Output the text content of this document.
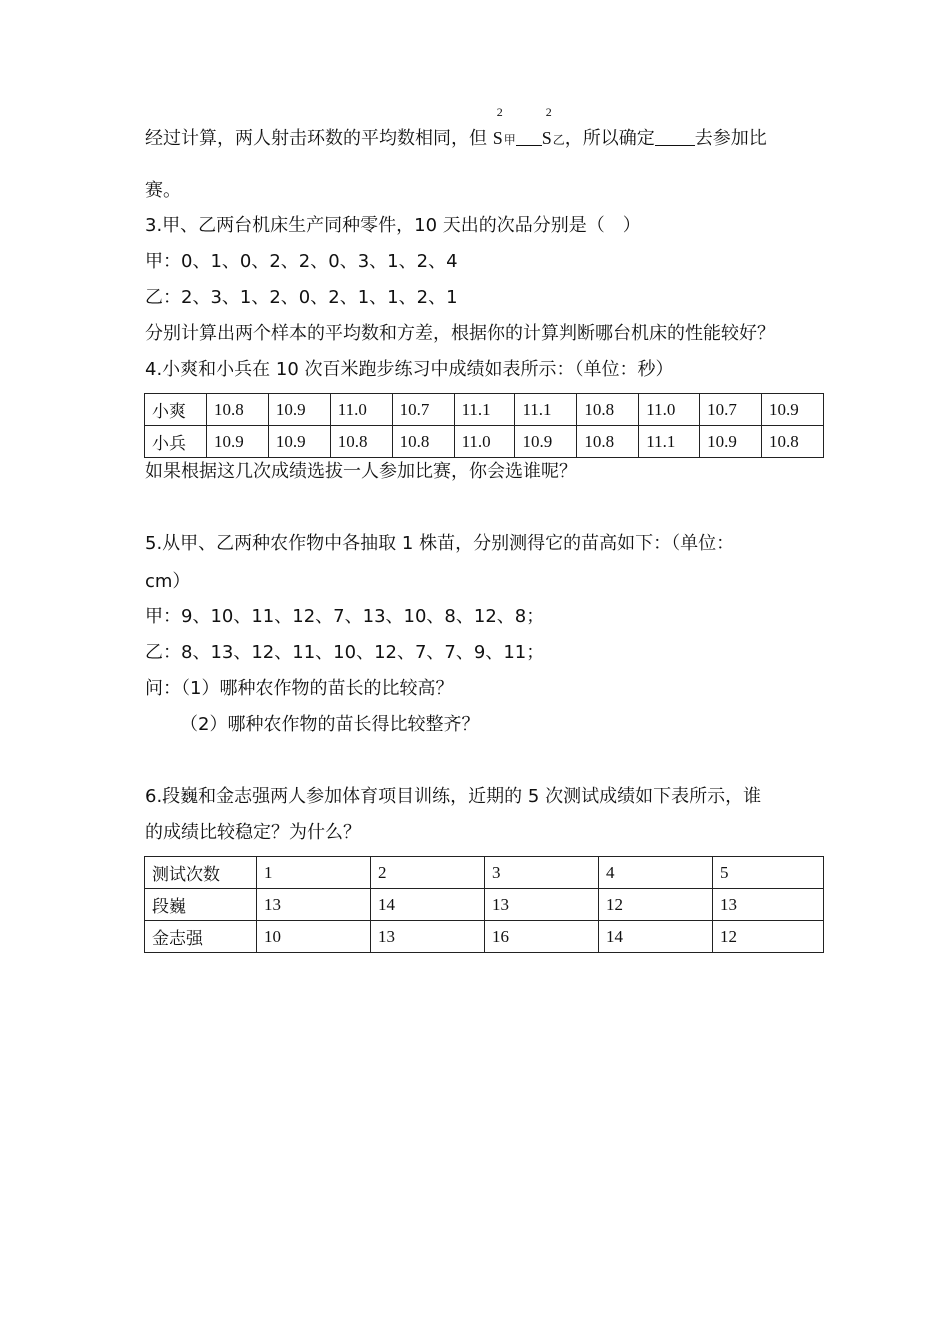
经过计算，两人射击环数的平均数相同，但 S
2
甲 S
2
乙，所以确定 去参加比
赛。
3.甲、乙两台机床生产同种零件，10 天出的次品分别是（　）
甲：0、1、0、2、2、0、3、1、2、4
乙：2、3、1、2、0、2、1、1、2、1
分别计算出两个样本的平均数和方差，根据你的计算判断哪台机床的性能较好？
4.小爽和小兵在 10 次百米跑步练习中成绩如表所示：（单位：秒）
小爽	10.8	10.9	11.0	10.7	11.1	11.1	10.8	11.0	10.7	10.9
小兵	10.9	10.9	10.8	10.8	11.0	10.9	10.8	11.1	10.9	10.8
如果根据这几次成绩选拔一人参加比赛，你会选谁呢？
5.从甲、乙两种农作物中各抽取 1 株苗，分别测得它的苗高如下：（单位：
cm）
甲：9、10、11、12、7、13、10、8、12、8；
乙：8、13、12、11、10、12、7、7、9、11；
问：（1）哪种农作物的苗长的比较高？
（2）哪种农作物的苗长得比较整齐？
6.段巍和金志强两人参加体育项目训练，近期的 5 次测试成绩如下表所示，谁
的成绩比较稳定？为什么？
测试次数	1	2	3	4	5
段巍	13	14	13	12	13
金志强	10	13	16	14	12
